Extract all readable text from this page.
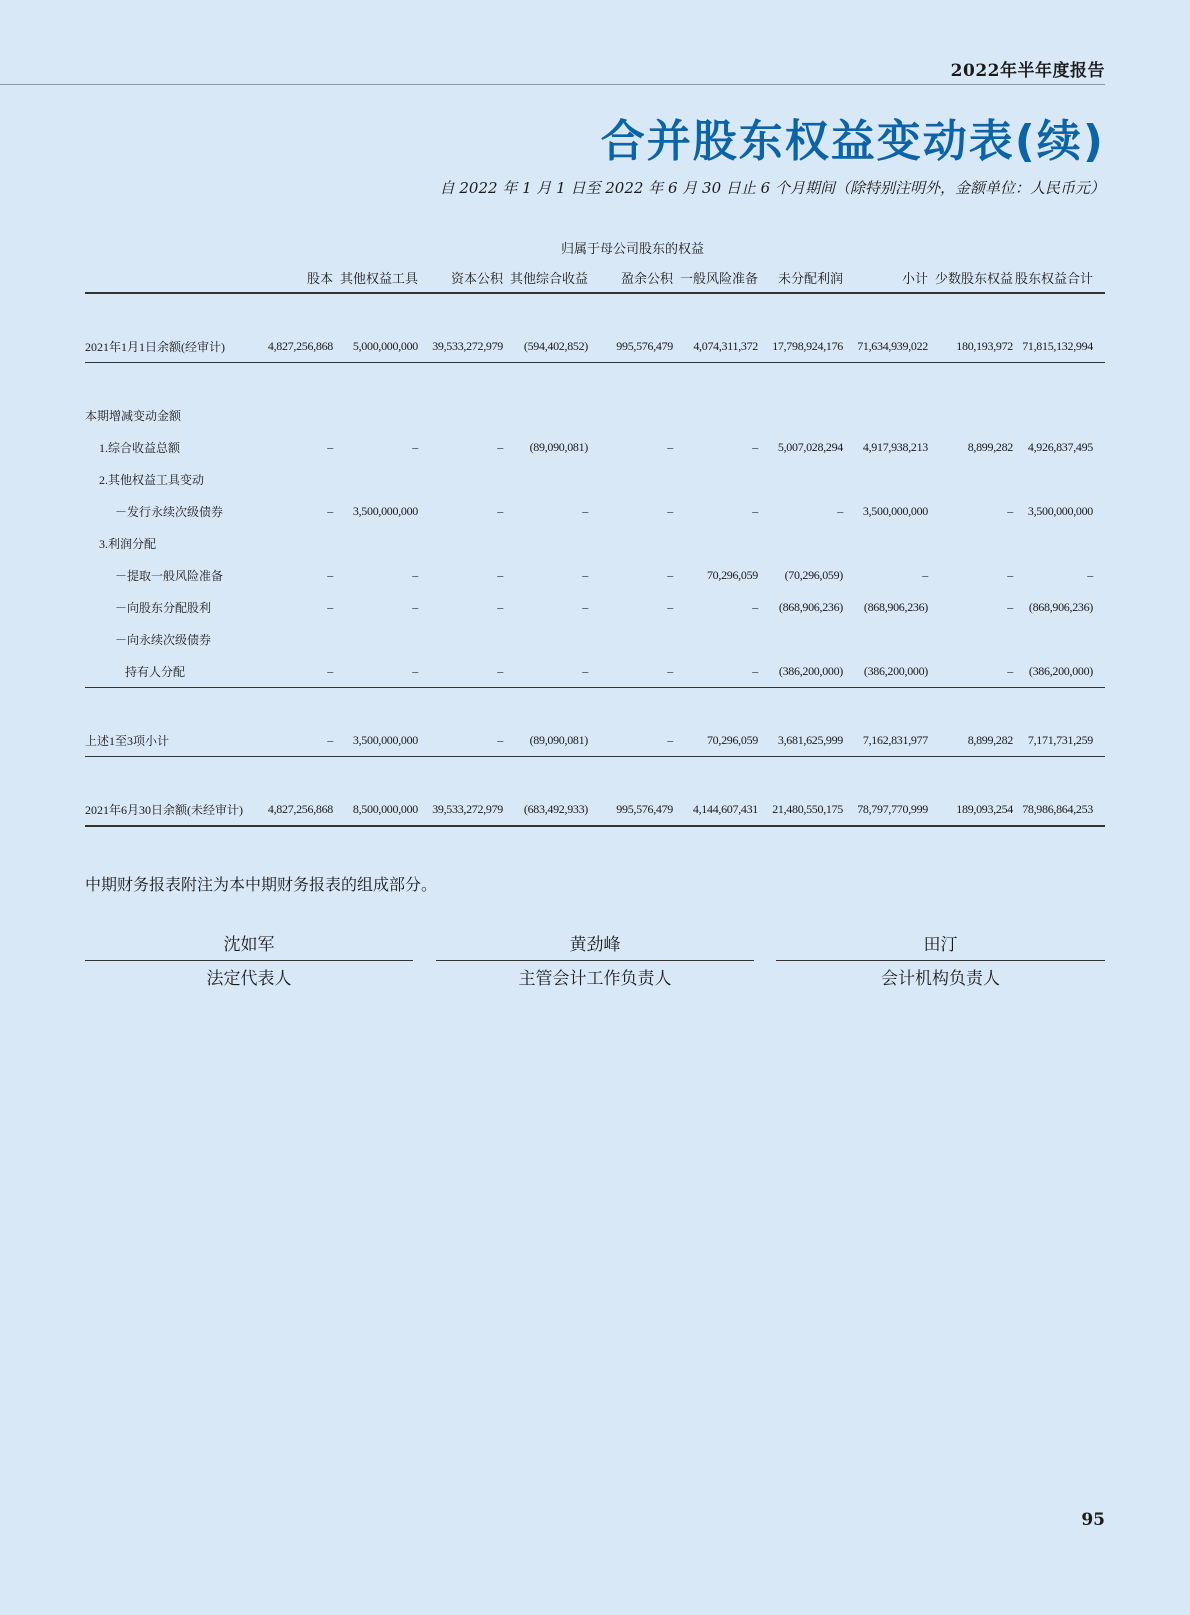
2022年半年度报告
合并股东权益变动表(续)
自 2022 年 1 月 1 日至 2022 年 6 月 30 日止 6 个月期间（除特别注明外，金额单位：人民币元）
	归属于母公司股东的权益									
	股本	其他权益工具	资本公积	其他综合收益	盈余公积	一般风险准备	未分配利润	小计	少数股东权益	股东权益合计

2021年1月1日余额(经审计)	4,827,256,868	5,000,000,000	39,533,272,979	(594,402,852)	995,576,479	4,074,311,372	17,798,924,176	71,634,939,022	180,193,972	71,815,132,994

本期增减变动金额										
1.综合收益总额	–	–	–	(89,090,081)	–	–	5,007,028,294	4,917,938,213	8,899,282	4,926,837,495
2.其他权益工具变动										
－发行永续次级债券	–	3,500,000,000	–	–	–	–	–	3,500,000,000	–	3,500,000,000
3.利润分配										
－提取一般风险准备	–	–	–	–	–	70,296,059	(70,296,059)	–	–	–
－向股东分配股利	–	–	–	–	–	–	(868,906,236)	(868,906,236)	–	(868,906,236)
－向永续次级债券										
持有人分配	–	–	–	–	–	–	(386,200,000)	(386,200,000)	–	(386,200,000)

上述1至3项小计	–	3,500,000,000	–	(89,090,081)	–	70,296,059	3,681,625,999	7,162,831,977	8,899,282	7,171,731,259

2021年6月30日余额(未经审计)	4,827,256,868	8,500,000,000	39,533,272,979	(683,492,933)	995,576,479	4,144,607,431	21,480,550,175	78,797,770,999	189,093,254	78,986,864,253
中期财务报表附注为本中期财务报表的组成部分。
沈如军
法定代表人
黄劲峰
主管会计工作负责人
田汀
会计机构负责人
95
